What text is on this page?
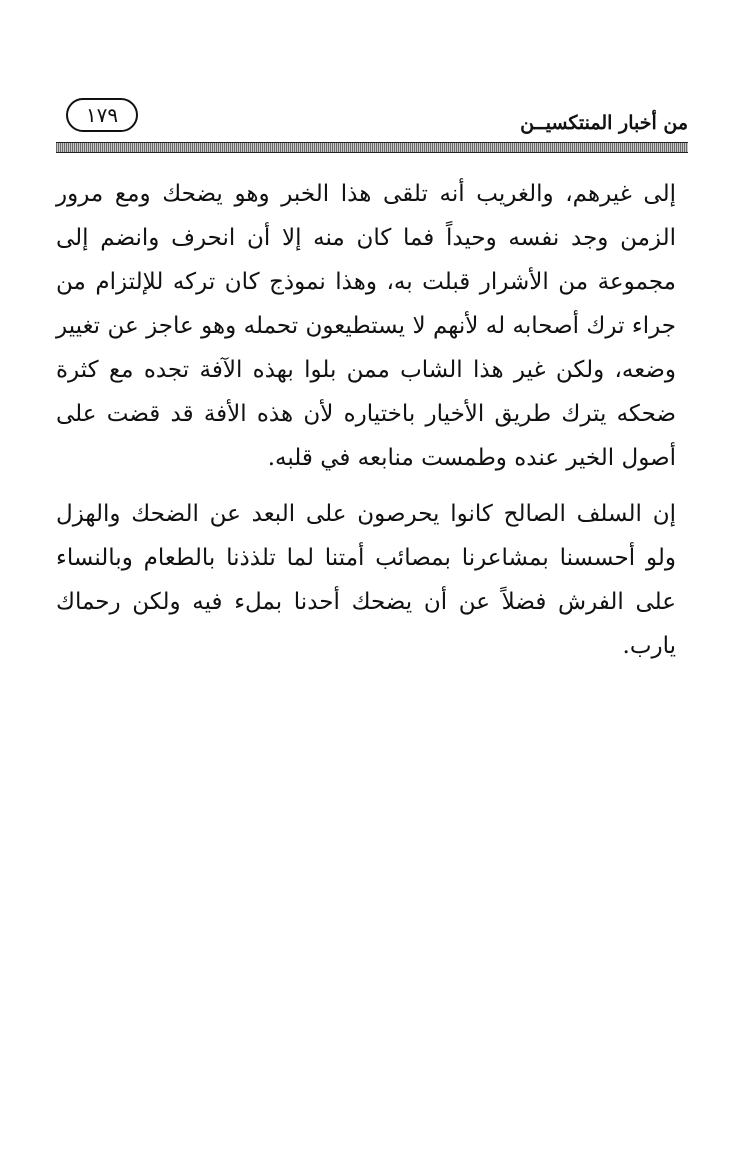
١٧٩	من أخبار المنتكسيــن

إلى غيرهم، والغريب أنه تلقى هذا الخبر وهو يضحك ومع مرور الزمن وجد نفسه وحيداً فما كان منه إلا أن انحرف وانضم إلى مجموعة من الأشرار قبلت به، وهذا نموذج كان تركه للإلتزام من جراء ترك أصحابه له لأنهم لا يستطيعون تحمله وهو عاجز عن تغيير وضعه، ولكن غير هذا الشاب ممن بلوا بهذه الآفة تجده مع كثرة ضحكه يترك طريق الأخيار باختياره لأن هذه الأفة قد قضت على أصول الخير عنده وطمست منابعه في قلبه.

إن السلف الصالح كانوا يحرصون على البعد عن الضحك والهزل ولو أحسسنا بمشاعرنا بمصائب أمتنا لما تلذذنا بالطعام وبالنساء على الفرش فضلاً عن أن يضحك أحدنا بملء فيه ولكن رحماك يارب.
